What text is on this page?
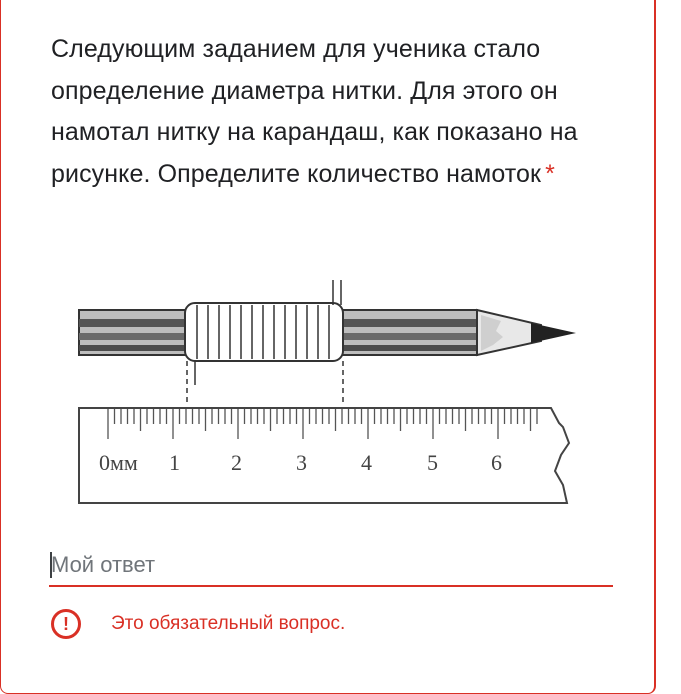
Следующим заданием для ученика стало определение диаметра нитки. Для этого он намотал нитку на карандаш, как показано на рисунке. Определите количество намоток *
0мм 1 2 3 4	5 6
Мой ответ
!	Это обязательный вопрос.
